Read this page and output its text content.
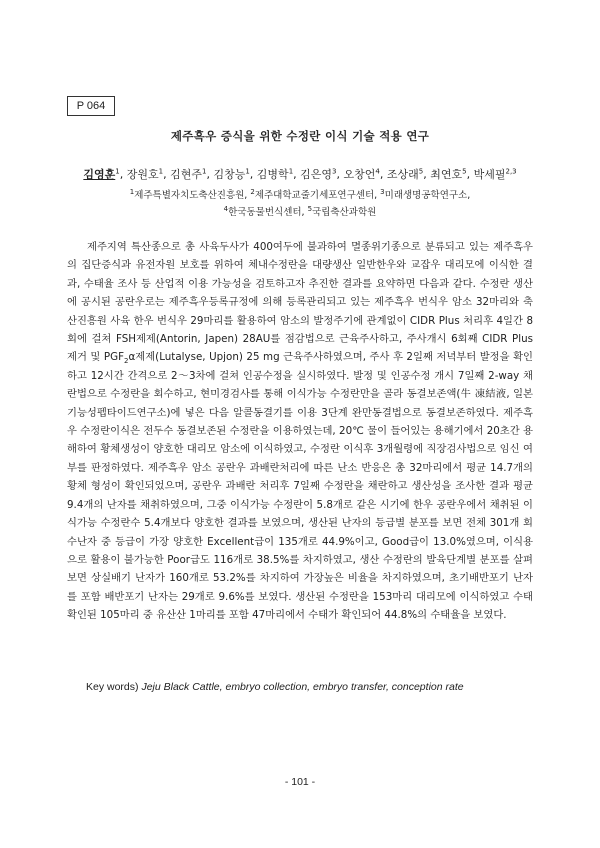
P 064
제주흑우 증식을 위한 수정란 이식 기술 적용 연구
김영훈$^1$, 장원호$^1$, 김현주$^1$, 김창능$^1$, 김병학$^1$, 김은영$^3$, 오창언$^4$, 조상래$^5$, 최연호$^5$, 박세필$^{2,3}$
$^1$제주특별자치도축산진흥원, $^2$제주대학교줄기세포연구센터, $^3$미래생명공학연구소,
$^4$한국동물번식센터, $^5$국립축산과학원

제주지역 특산종으로 총 사육두사가 400여두에 불과하여 멸종위기종으로 분류되고 있는 제주흑우의 집단증식과 유전자원 보호를 위하여 체내수정란을 대량생산 일반한우와 교잡우 대리모에 이식한 결과, 수태율 조사 등 산업적 이용 가능성을 검토하고자 추진한 결과를 요약하면 다음과 같다. 수정란 생산에 공시된 공란우로는 제주흑우등록규정에 의해 등록관리되고 있는 제주흑우 번식우 암소 32마리와 축산진흥원 사육 한우 번식우 29마리를 활용하여 암소의 발정주기에 관계없이 CIDR Plus 처리후 4일간 8회에 걸쳐 FSH제제(Antorin, Japen) 28AU를 점감법으로 근육주사하고, 주사개시 6회째 CIDR Plus 제거 및 $PGF_2\alpha$제제(Lutalyse, Upjon) 25 mg 근육주사하였으며, 주사 후 2일째 저녁부터 발정을 확인하고 12시간 간격으로 2～3차에 걸쳐 인공수정을 실시하였다. 발정 및 인공수정 개시 7일째 2-way 채란법으로 수정란을 회수하고, 현미경검사를 통해 이식가능 수정란만을 골라 동결보존액(牛 凍結液, 일본 기능성펩타이드연구소)에 넣은 다음 알콜동결기를 이용 3단계 완만동결법으로 동결보존하였다. 제주흑우 수정란이식은 전두수 동결보존된 수정란을 이용하였는데, 20℃ 물이 들어있는 용해기에서 20초간 용해하여 황체생성이 양호한 대리모 암소에 이식하였고, 수정란 이식후 3개월령에 직장검사법으로 임신 여부를 판정하였다. 제주흑우 암소 공란우 과배란처리에 따른 난소 반응은 총 32마리에서 평균 14.7개의 황체 형성이 확인되었으며, 공란우 과배란 처리후 7일째 수정란을 채란하고 생산성을 조사한 결과 평균 9.4개의 난자를 채취하였으며, 그중 이식가능 수정란이 5.8개로 같은 시기에 한우 공란우에서 채취된 이식가능 수정란수 5.4개보다 양호한 결과를 보였으며, 생산된 난자의 등급별 분포를 보면 전체 301개 회수난자 중 등급이 가장 양호한 Excellent급이 135개로 44.9%이고, Good급이 13.0%였으며, 이식용으로 활용이 불가능한 Poor급도 116개로 38.5%를 차지하였고, 생산 수정란의 발육단계별 분포를 살펴보면 상실배기 난자가 160개로 53.2%를 차지하여 가장높은 비율을 차지하였으며, 초기배반포기 난자를 포함 배반포기 난자는 29개로 9.6%를 보였다. 생산된 수정란을 153마리 대리모에 이식하였고 수태 확인된 105마리 중 유산산 1마리를 포함 47마리에서 수태가 확인되어 44.8%의 수태율을 보였다.

Key words) Jeju Black Cattle, embryo collection, embryo transfer, conception rate
- 101 -
